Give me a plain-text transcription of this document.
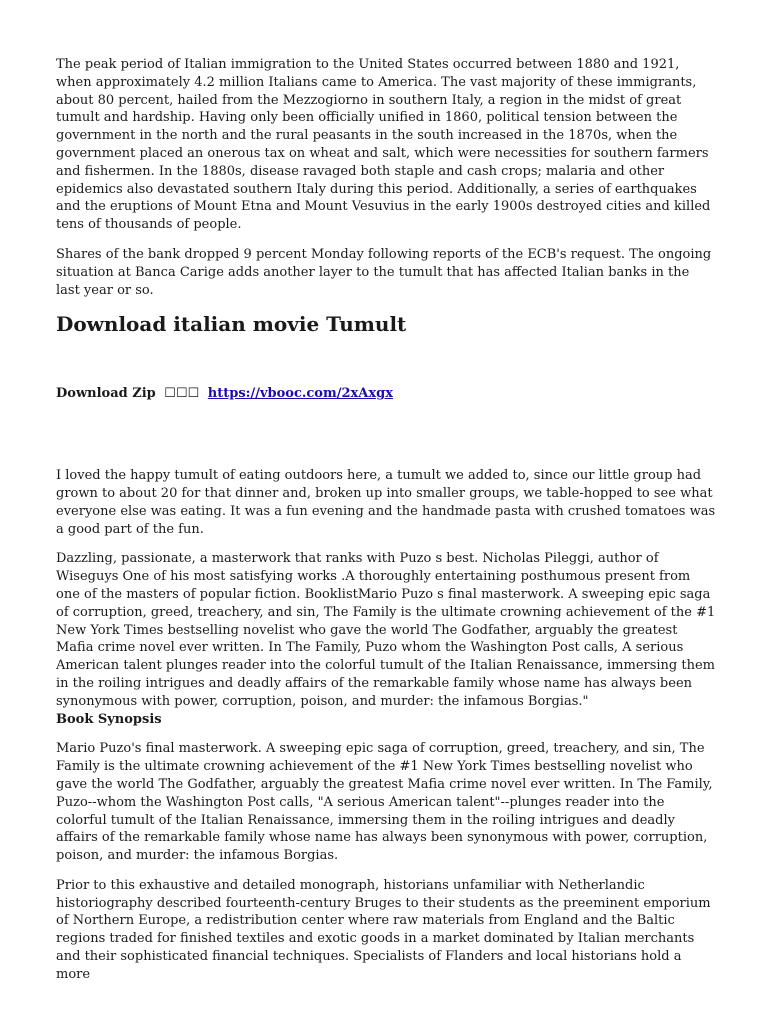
The peak period of Italian immigration to the United States occurred between 1880 and 1921, when approximately 4.2 million Italians came to America. The vast majority of these immigrants, about 80 percent, hailed from the Mezzogiorno in southern Italy, a region in the midst of great tumult and hardship. Having only been officially unified in 1860, political tension between the government in the north and the rural peasants in the south increased in the 1870s, when the government placed an onerous tax on wheat and salt, which were necessities for southern farmers and fishermen. In the 1880s, disease ravaged both staple and cash crops; malaria and other epidemics also devastated southern Italy during this period. Additionally, a series of earthquakes and the eruptions of Mount Etna and Mount Vesuvius in the early 1900s destroyed cities and killed tens of thousands of people.

Shares of the bank dropped 9 percent Monday following reports of the ECB's request. The ongoing situation at Banca Carige adds another layer to the tumult that has affected Italian banks in the last year or so.

Download italian movie Tumult
Download Zip ☐☐☐ https://vbooc.com/2xAxgx

I loved the happy tumult of eating outdoors here, a tumult we added to, since our little group had grown to about 20 for that dinner and, broken up into smaller groups, we table-hopped to see what everyone else was eating. It was a fun evening and the handmade pasta with crushed tomatoes was a good part of the fun.

Dazzling, passionate, a masterwork that ranks with Puzo s best. Nicholas Pileggi, author of Wiseguys One of his most satisfying works .A thoroughly entertaining posthumous present from one of the masters of popular fiction. BooklistMario Puzo s final masterwork. A sweeping epic saga of corruption, greed, treachery, and sin, The Family is the ultimate crowning achievement of the #1 New York Times bestselling novelist who gave the world The Godfather, arguably the greatest Mafia crime novel ever written. In The Family, Puzo whom the Washington Post calls, A serious American talent plunges reader into the colorful tumult of the Italian Renaissance, immersing them in the roiling intrigues and deadly affairs of the remarkable family whose name has always been synonymous with power, corruption, poison, and murder: the infamous Borgias."

Book Synopsis

Mario Puzo's final masterwork. A sweeping epic saga of corruption, greed, treachery, and sin, The Family is the ultimate crowning achievement of the #1 New York Times bestselling novelist who gave the world The Godfather, arguably the greatest Mafia crime novel ever written. In The Family, Puzo--whom the Washington Post calls, "A serious American talent"--plunges reader into the colorful tumult of the Italian Renaissance, immersing them in the roiling intrigues and deadly affairs of the remarkable family whose name has always been synonymous with power, corruption, poison, and murder: the infamous Borgias.

Prior to this exhaustive and detailed monograph, historians unfamiliar with Netherlandic historiography described fourteenth-century Bruges to their students as the preeminent emporium of Northern Europe, a redistribution center where raw materials from England and the Baltic regions traded for finished textiles and exotic goods in a market dominated by Italian merchants and their sophisticated financial techniques. Specialists of Flanders and local historians hold a more
